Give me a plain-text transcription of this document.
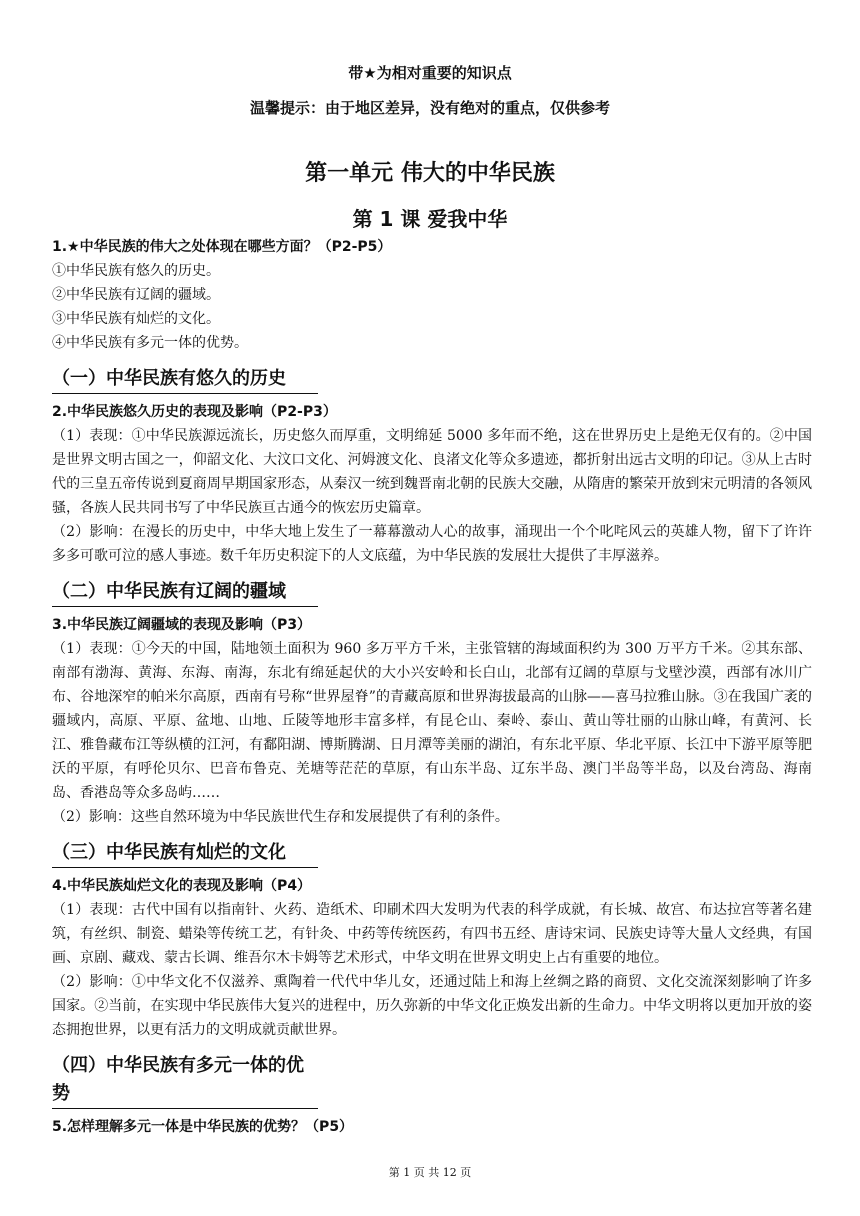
带★为相对重要的知识点
温馨提示：由于地区差异，没有绝对的重点，仅供参考
第一单元 伟大的中华民族
第 1 课 爱我中华

1.★中华民族的伟大之处体现在哪些方面？（P2-P5）

①中华民族有悠久的历史。

②中华民族有辽阔的疆域。

③中华民族有灿烂的文化。

④中华民族有多元一体的优势。

（一）中华民族有悠久的历史

2.中华民族悠久历史的表现及影响（P2-P3）

（1）表现：①中华民族源远流长，历史悠久而厚重，文明绵延 5000 多年而不绝，这在世界历史上是绝无仅有的。②中国是世界文明古国之一，仰韶文化、大汶口文化、河姆渡文化、良渚文化等众多遗迹，都折射出远古文明的印记。③从上古时代的三皇五帝传说到夏商周早期国家形态，从秦汉一统到魏晋南北朝的民族大交融，从隋唐的繁荣开放到宋元明清的各领风骚，各族人民共同书写了中华民族亘古通今的恢宏历史篇章。

（2）影响：在漫长的历史中，中华大地上发生了一幕幕激动人心的故事，涌现出一个个叱咤风云的英雄人物，留下了许许多多可歌可泣的感人事迹。数千年历史积淀下的人文底蕴，为中华民族的发展壮大提供了丰厚滋养。

（二）中华民族有辽阔的疆域

3.中华民族辽阔疆域的表现及影响（P3）

（1）表现：①今天的中国，陆地领土面积为 960 多万平方千米，主张管辖的海域面积约为 300 万平方千米。②其东部、南部有渤海、黄海、东海、南海，东北有绵延起伏的大小兴安岭和长白山，北部有辽阔的草原与戈壁沙漠，西部有冰川广布、谷地深窄的帕米尔高原，西南有号称“世界屋脊”的青藏高原和世界海拔最高的山脉——喜马拉雅山脉。③在我国广袤的疆域内，高原、平原、盆地、山地、丘陵等地形丰富多样，有昆仑山、秦岭、泰山、黄山等壮丽的山脉山峰，有黄河、长江、雅鲁藏布江等纵横的江河，有鄱阳湖、博斯腾湖、日月潭等美丽的湖泊，有东北平原、华北平原、长江中下游平原等肥沃的平原，有呼伦贝尔、巴音布鲁克、羌塘等茫茫的草原，有山东半岛、辽东半岛、澳门半岛等半岛，以及台湾岛、海南岛、香港岛等众多岛屿……

（2）影响：这些自然环境为中华民族世代生存和发展提供了有利的条件。

（三）中华民族有灿烂的文化

4.中华民族灿烂文化的表现及影响（P4）

（1）表现：古代中国有以指南针、火药、造纸术、印刷术四大发明为代表的科学成就，有长城、故宫、布达拉宫等著名建筑，有丝织、制瓷、蜡染等传统工艺，有针灸、中药等传统医药，有四书五经、唐诗宋词、民族史诗等大量人文经典，有国画、京剧、藏戏、蒙古长调、维吾尔木卡姆等艺术形式，中华文明在世界文明史上占有重要的地位。

（2）影响：①中华文化不仅滋养、熏陶着一代代中华儿女，还通过陆上和海上丝绸之路的商贸、文化交流深刻影响了许多国家。②当前，在实现中华民族伟大复兴的进程中，历久弥新的中华文化正焕发出新的生命力。中华文明将以更加开放的姿态拥抱世界，以更有活力的文明成就贡献世界。

（四）中华民族有多元一体的优势

5.怎样理解多元一体是中华民族的优势？（P5）

第 1 页 共 12 页
